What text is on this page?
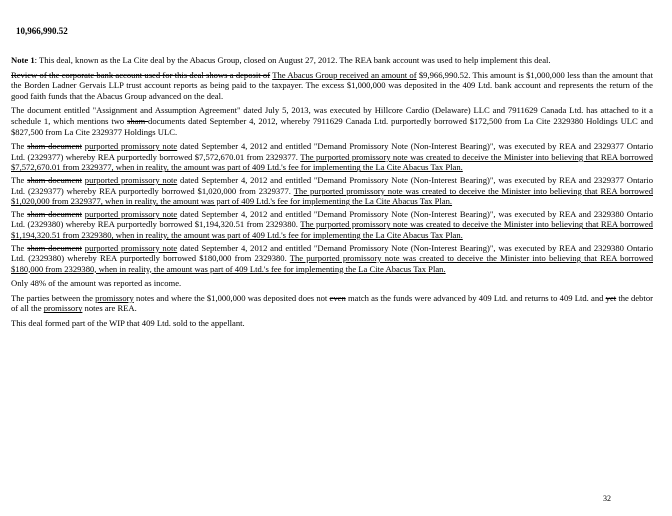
10,966,990.52

Note 1: This deal, known as the La Cite deal by the Abacus Group, closed on August 27, 2012. The REA bank account was used to help implement this deal.

Review of the corporate bank account used for this deal shows a deposit of The Abacus Group received an amount of $9,966,990.52. This amount is $1,000,000 less than the amount that the Borden Ladner Gervais LLP trust account reports as being paid to the taxpayer. The excess $1,000,000 was deposited in the 409 Ltd. bank account and represents the return of the good faith funds that the Abacus Group advanced on the deal.

The document entitled "Assignment and Assumption Agreement" dated July 5, 2013, was executed by Hillcore Cardio (Delaware) LLC and 7911629 Canada Ltd. has attached to it a schedule 1, which mentions two sham documents dated September 4, 2012, whereby 7911629 Canada Ltd. purportedly borrowed $172,500 from La Cite 2329380 Holdings ULC and $827,500 from La Cite 2329377 Holdings ULC.

The sham document purported promissory note dated September 4, 2012 and entitled "Demand Promissory Note (Non-Interest Bearing)", was executed by REA and 2329377 Ontario Ltd. (2329377) whereby REA purportedly borrowed $7,572,670.01 from 2329377. The purported promissory note was created to deceive the Minister into believing that REA borrowed $7,572,670.01 from 2329377, when in reality, the amount was part of 409 Ltd.'s fee for implementing the La Cite Abacus Tax Plan.

The sham document purported promissory note dated September 4, 2012 and entitled "Demand Promissory Note (Non-Interest Bearing)", was executed by REA and 2329377 Ontario Ltd. (2329377) whereby REA purportedly borrowed $1,020,000 from 2329377. The purported promissory note was created to deceive the Minister into believing that REA borrowed $1,020,000 from 2329377, when in reality, the amount was part of 409 Ltd.'s fee for implementing the La Cite Abacus Tax Plan.

The sham document purported promissory note dated September 4, 2012 and entitled "Demand Promissory Note (Non-Interest Bearing)", was executed by REA and 2329380 Ontario Ltd. (2329380) whereby REA purportedly borrowed $1,194,320.51 from 2329380. The purported promissory note was created to deceive the Minister into believing that REA borrowed $1,194,320.51 from 2329380, when in reality, the amount was part of 409 Ltd.'s fee for implementing the La Cite Abacus Tax Plan.

The sham document purported promissory note dated September 4, 2012 and entitled "Demand Promissory Note (Non-Interest Bearing)", was executed by REA and 2329380 Ontario Ltd. (2329380) whereby REA purportedly borrowed $180,000 from 2329380. The purported promissory note was created to deceive the Minister into believing that REA borrowed $180,000 from 2329380, when in reality, the amount was part of 409 Ltd.'s fee for implementing the La Cite Abacus Tax Plan.

Only 48% of the amount was reported as income.

The parties between the promissory notes and where the $1,000,000 was deposited does not even match as the funds were advanced by 409 Ltd. and returns to 409 Ltd. and yet the debtor of all the promissory notes are REA.

This deal formed part of the WIP that 409 Ltd. sold to the appellant.

32
